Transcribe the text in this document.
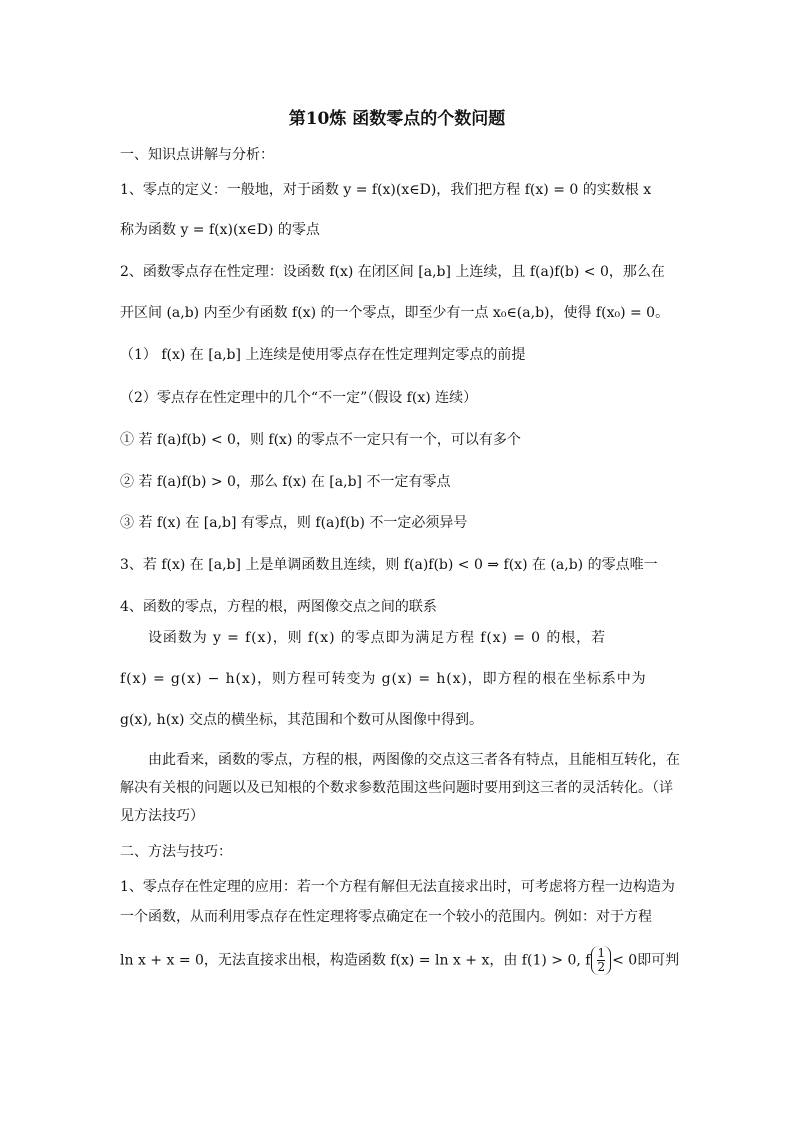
第10炼 函数零点的个数问题
一、知识点讲解与分析：
1、零点的定义：一般地，对于函数 y = f(x)(x∈D)，我们把方程 f(x) = 0 的实数根 x
称为函数 y = f(x)(x∈D) 的零点
2、函数零点存在性定理：设函数 f(x) 在闭区间 [a,b] 上连续，且 f(a)f(b) < 0，那么在
开区间 (a,b) 内至少有函数 f(x) 的一个零点，即至少有一点 x₀∈(a,b)，使得 f(x₀) = 0。
（1） f(x) 在 [a,b] 上连续是使用零点存在性定理判定零点的前提
（2）零点存在性定理中的几个“不一定”（假设 f(x) 连续）
① 若 f(a)f(b) < 0，则 f(x) 的零点不一定只有一个，可以有多个
② 若 f(a)f(b) > 0，那么 f(x) 在 [a,b] 不一定有零点
③ 若 f(x) 在 [a,b] 有零点，则 f(a)f(b) 不一定必须异号
3、若 f(x) 在 [a,b] 上是单调函数且连续，则 f(a)f(b) < 0 ⇒ f(x) 在 (a,b) 的零点唯一
4、函数的零点，方程的根，两图像交点之间的联系
设函数为 y = f(x)，则 f(x) 的零点即为满足方程 f(x) = 0 的根，若
f(x) = g(x) − h(x)，则方程可转变为 g(x) = h(x)，即方程的根在坐标系中为
g(x), h(x) 交点的横坐标，其范围和个数可从图像中得到。
由此看来，函数的零点，方程的根，两图像的交点这三者各有特点，且能相互转化，在
解决有关根的问题以及已知根的个数求参数范围这些问题时要用到这三者的灵活转化。（详
见方法技巧）
二、方法与技巧：
1、零点存在性定理的应用：若一个方程有解但无法直接求出时，可考虑将方程一边构造为
一个函数，从而利用零点存在性定理将零点确定在一个较小的范围内。例如：对于方程
ln x + x = 0，无法直接求出根，构造函数 f(x) = ln x + x，由 f(1) > 0, f $\frac{1}{2} < 0$即可判
